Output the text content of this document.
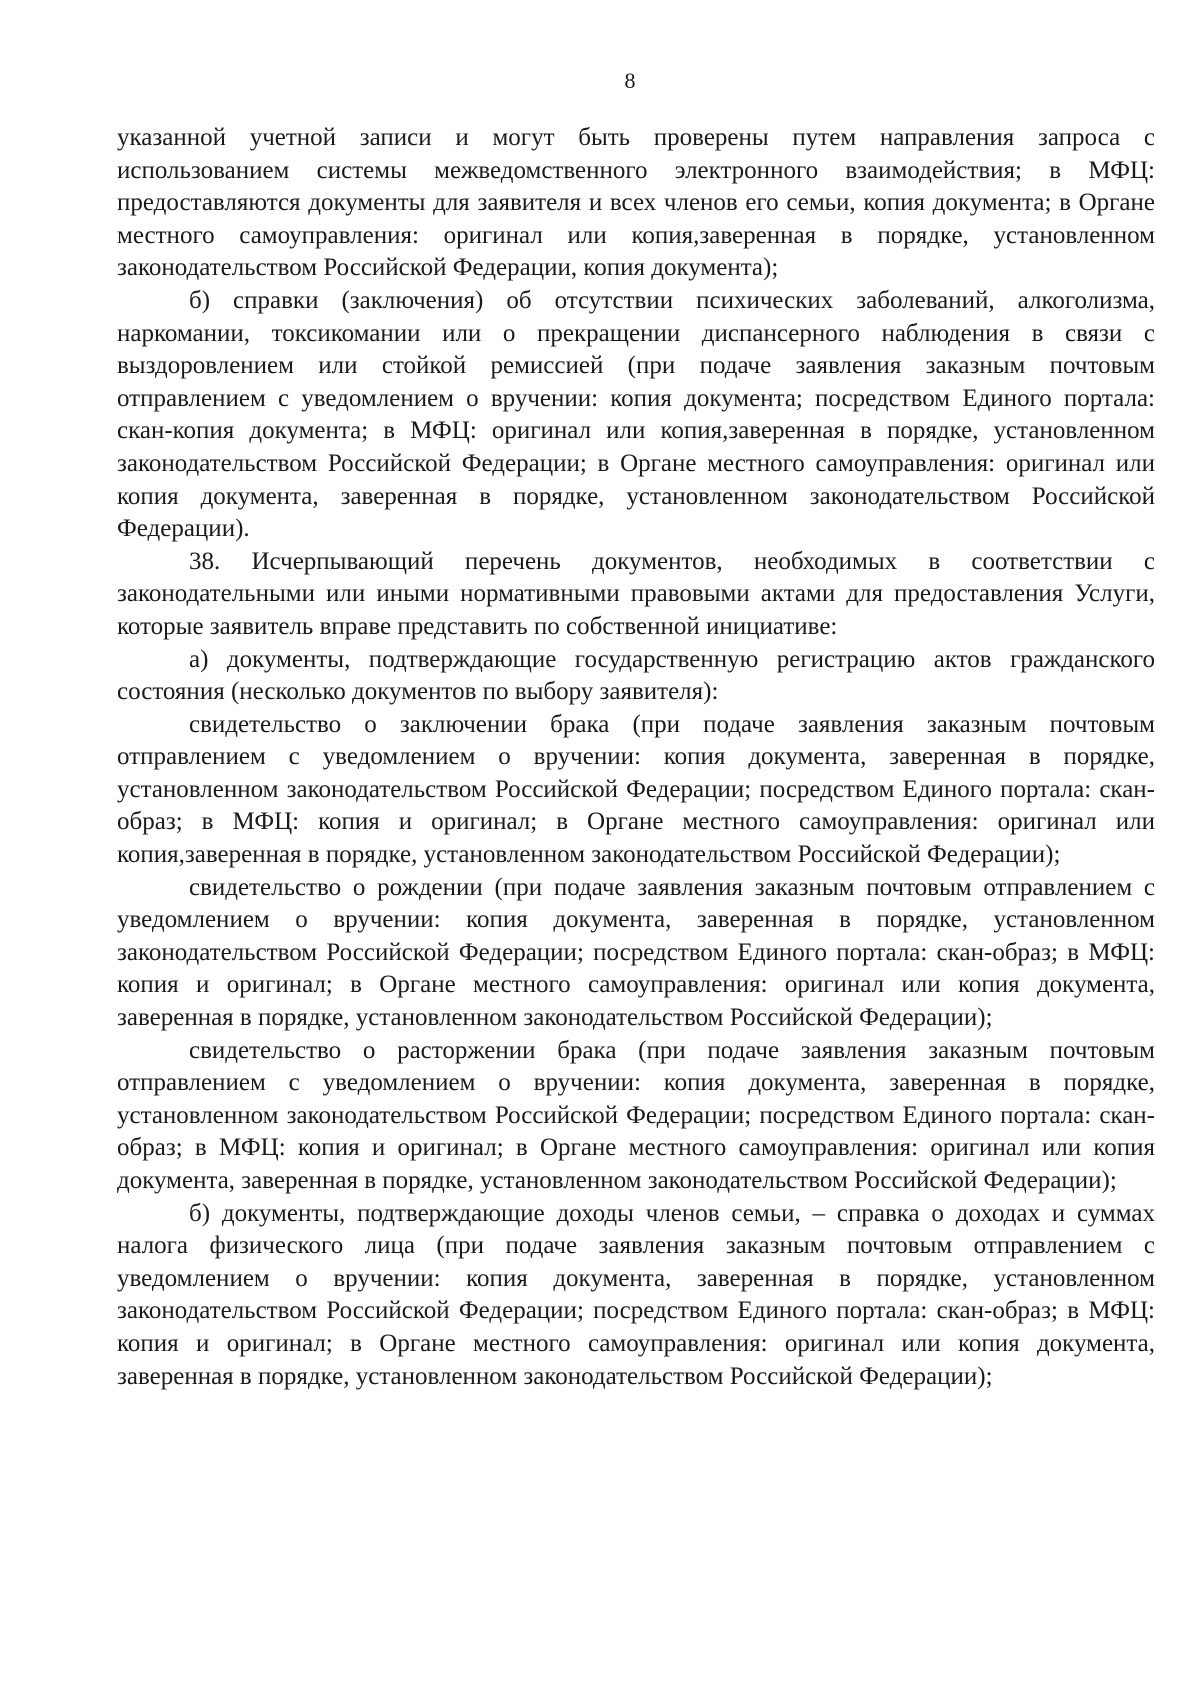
8

указанной учетной записи и могут быть проверены путем направления запроса с использованием системы межведомственного электронного взаимодействия; в МФЦ: предоставляются документы для заявителя и всех членов его семьи, копия документа; в Органе местного самоуправления: оригинал или копия,заверенная в порядке, установленном законодательством Российской Федерации, копия документа);

б) справки (заключения) об отсутствии психических заболеваний, алкоголизма, наркомании, токсикомании или о прекращении диспансерного наблюдения в связи с выздоровлением или стойкой ремиссией (при подаче заявления заказным почтовым отправлением с уведомлением о вручении: копия документа; посредством Единого портала: скан-копия документа; в МФЦ: оригинал или копия,заверенная в порядке, установленном законодательством Российской Федерации; в Органе местного самоуправления: оригинал или копия документа, заверенная в порядке, установленном законодательством Российской Федерации).

38. Исчерпывающий перечень документов, необходимых в соответствии с законодательными или иными нормативными правовыми актами для предоставления Услуги, которые заявитель вправе представить по собственной инициативе:

а) документы, подтверждающие государственную регистрацию актов гражданского состояния (несколько документов по выбору заявителя):

свидетельство о заключении брака (при подаче заявления заказным почтовым отправлением с уведомлением о вручении: копия документа, заверенная в порядке, установленном законодательством Российской Федерации; посредством Единого портала: скан-образ; в МФЦ: копия и оригинал; в Органе местного самоуправления: оригинал или копия,заверенная в порядке, установленном законодательством Российской Федерации);

свидетельство о рождении (при подаче заявления заказным почтовым отправлением с уведомлением о вручении: копия документа, заверенная в порядке, установленном законодательством Российской Федерации; посредством Единого портала: скан-образ; в МФЦ: копия и оригинал; в Органе местного самоуправления: оригинал или копия документа, заверенная в порядке, установленном законодательством Российской Федерации);

свидетельство о расторжении брака (при подаче заявления заказным почтовым отправлением с уведомлением о вручении: копия документа, заверенная в порядке, установленном законодательством Российской Федерации; посредством Единого портала: скан-образ; в МФЦ: копия и оригинал; в Органе местного самоуправления: оригинал или копия документа, заверенная в порядке, установленном законодательством Российской Федерации);

б) документы, подтверждающие доходы членов семьи, – справка о доходах и суммах налога физического лица (при подаче заявления заказным почтовым отправлением с уведомлением о вручении: копия документа, заверенная в порядке, установленном законодательством Российской Федерации; посредством Единого портала: скан-образ; в МФЦ: копия и оригинал; в Органе местного самоуправления: оригинал или копия документа, заверенная в порядке, установленном законодательством Российской Федерации);
